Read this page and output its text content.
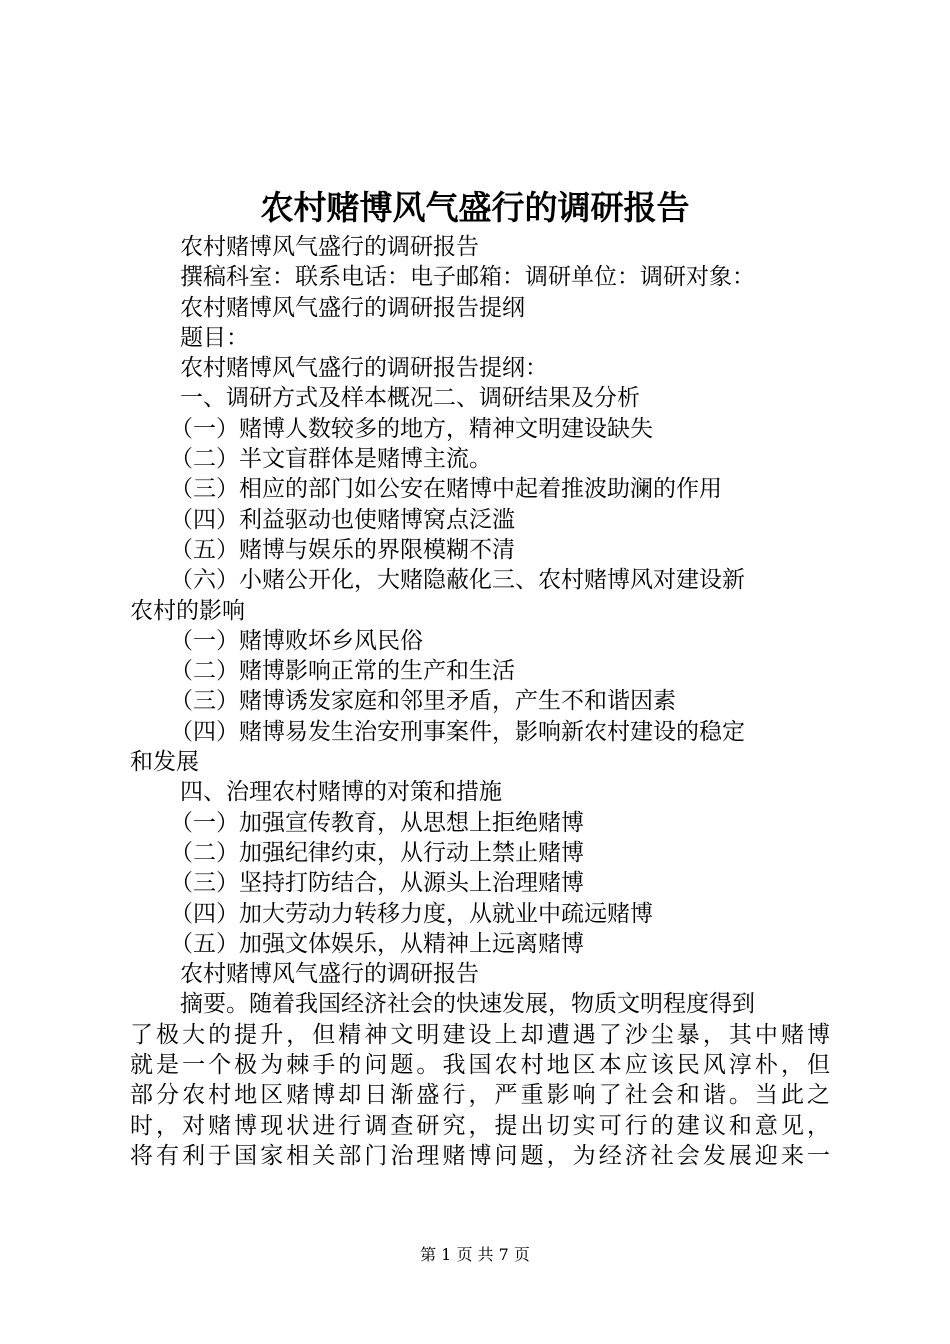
农村赌博风气盛行的调研报告
农村赌博风气盛行的调研报告
撰稿科室：联系电话：电子邮箱：调研单位：调研对象：
农村赌博风气盛行的调研报告提纲
题目：
农村赌博风气盛行的调研报告提纲：
一、调研方式及样本概况二、调研结果及分析
（一）赌博人数较多的地方，精神文明建设缺失
（二）半文盲群体是赌博主流。
（三）相应的部门如公安在赌博中起着推波助澜的作用
（四）利益驱动也使赌博窝点泛滥
（五）赌博与娱乐的界限模糊不清
（六）小赌公开化，大赌隐蔽化三、农村赌博风对建设新
农村的影响
（一）赌博败坏乡风民俗
（二）赌博影响正常的生产和生活
（三）赌博诱发家庭和邻里矛盾，产生不和谐因素
（四）赌博易发生治安刑事案件，影响新农村建设的稳定
和发展
四、治理农村赌博的对策和措施
（一）加强宣传教育，从思想上拒绝赌博
（二）加强纪律约束，从行动上禁止赌博
（三）坚持打防结合，从源头上治理赌博
（四）加大劳动力转移力度，从就业中疏远赌博
（五）加强文体娱乐，从精神上远离赌博
农村赌博风气盛行的调研报告
摘要。随着我国经济社会的快速发展，物质文明程度得到
了极大的提升，但精神文明建设上却遭遇了沙尘暴，其中赌博
就是一个极为棘手的问题。我国农村地区本应该民风淳朴，但
部分农村地区赌博却日渐盛行，严重影响了社会和谐。当此之
时，对赌博现状进行调查研究，提出切实可行的建议和意见，
将有利于国家相关部门治理赌博问题，为经济社会发展迎来一
第 1 页 共 7 页
